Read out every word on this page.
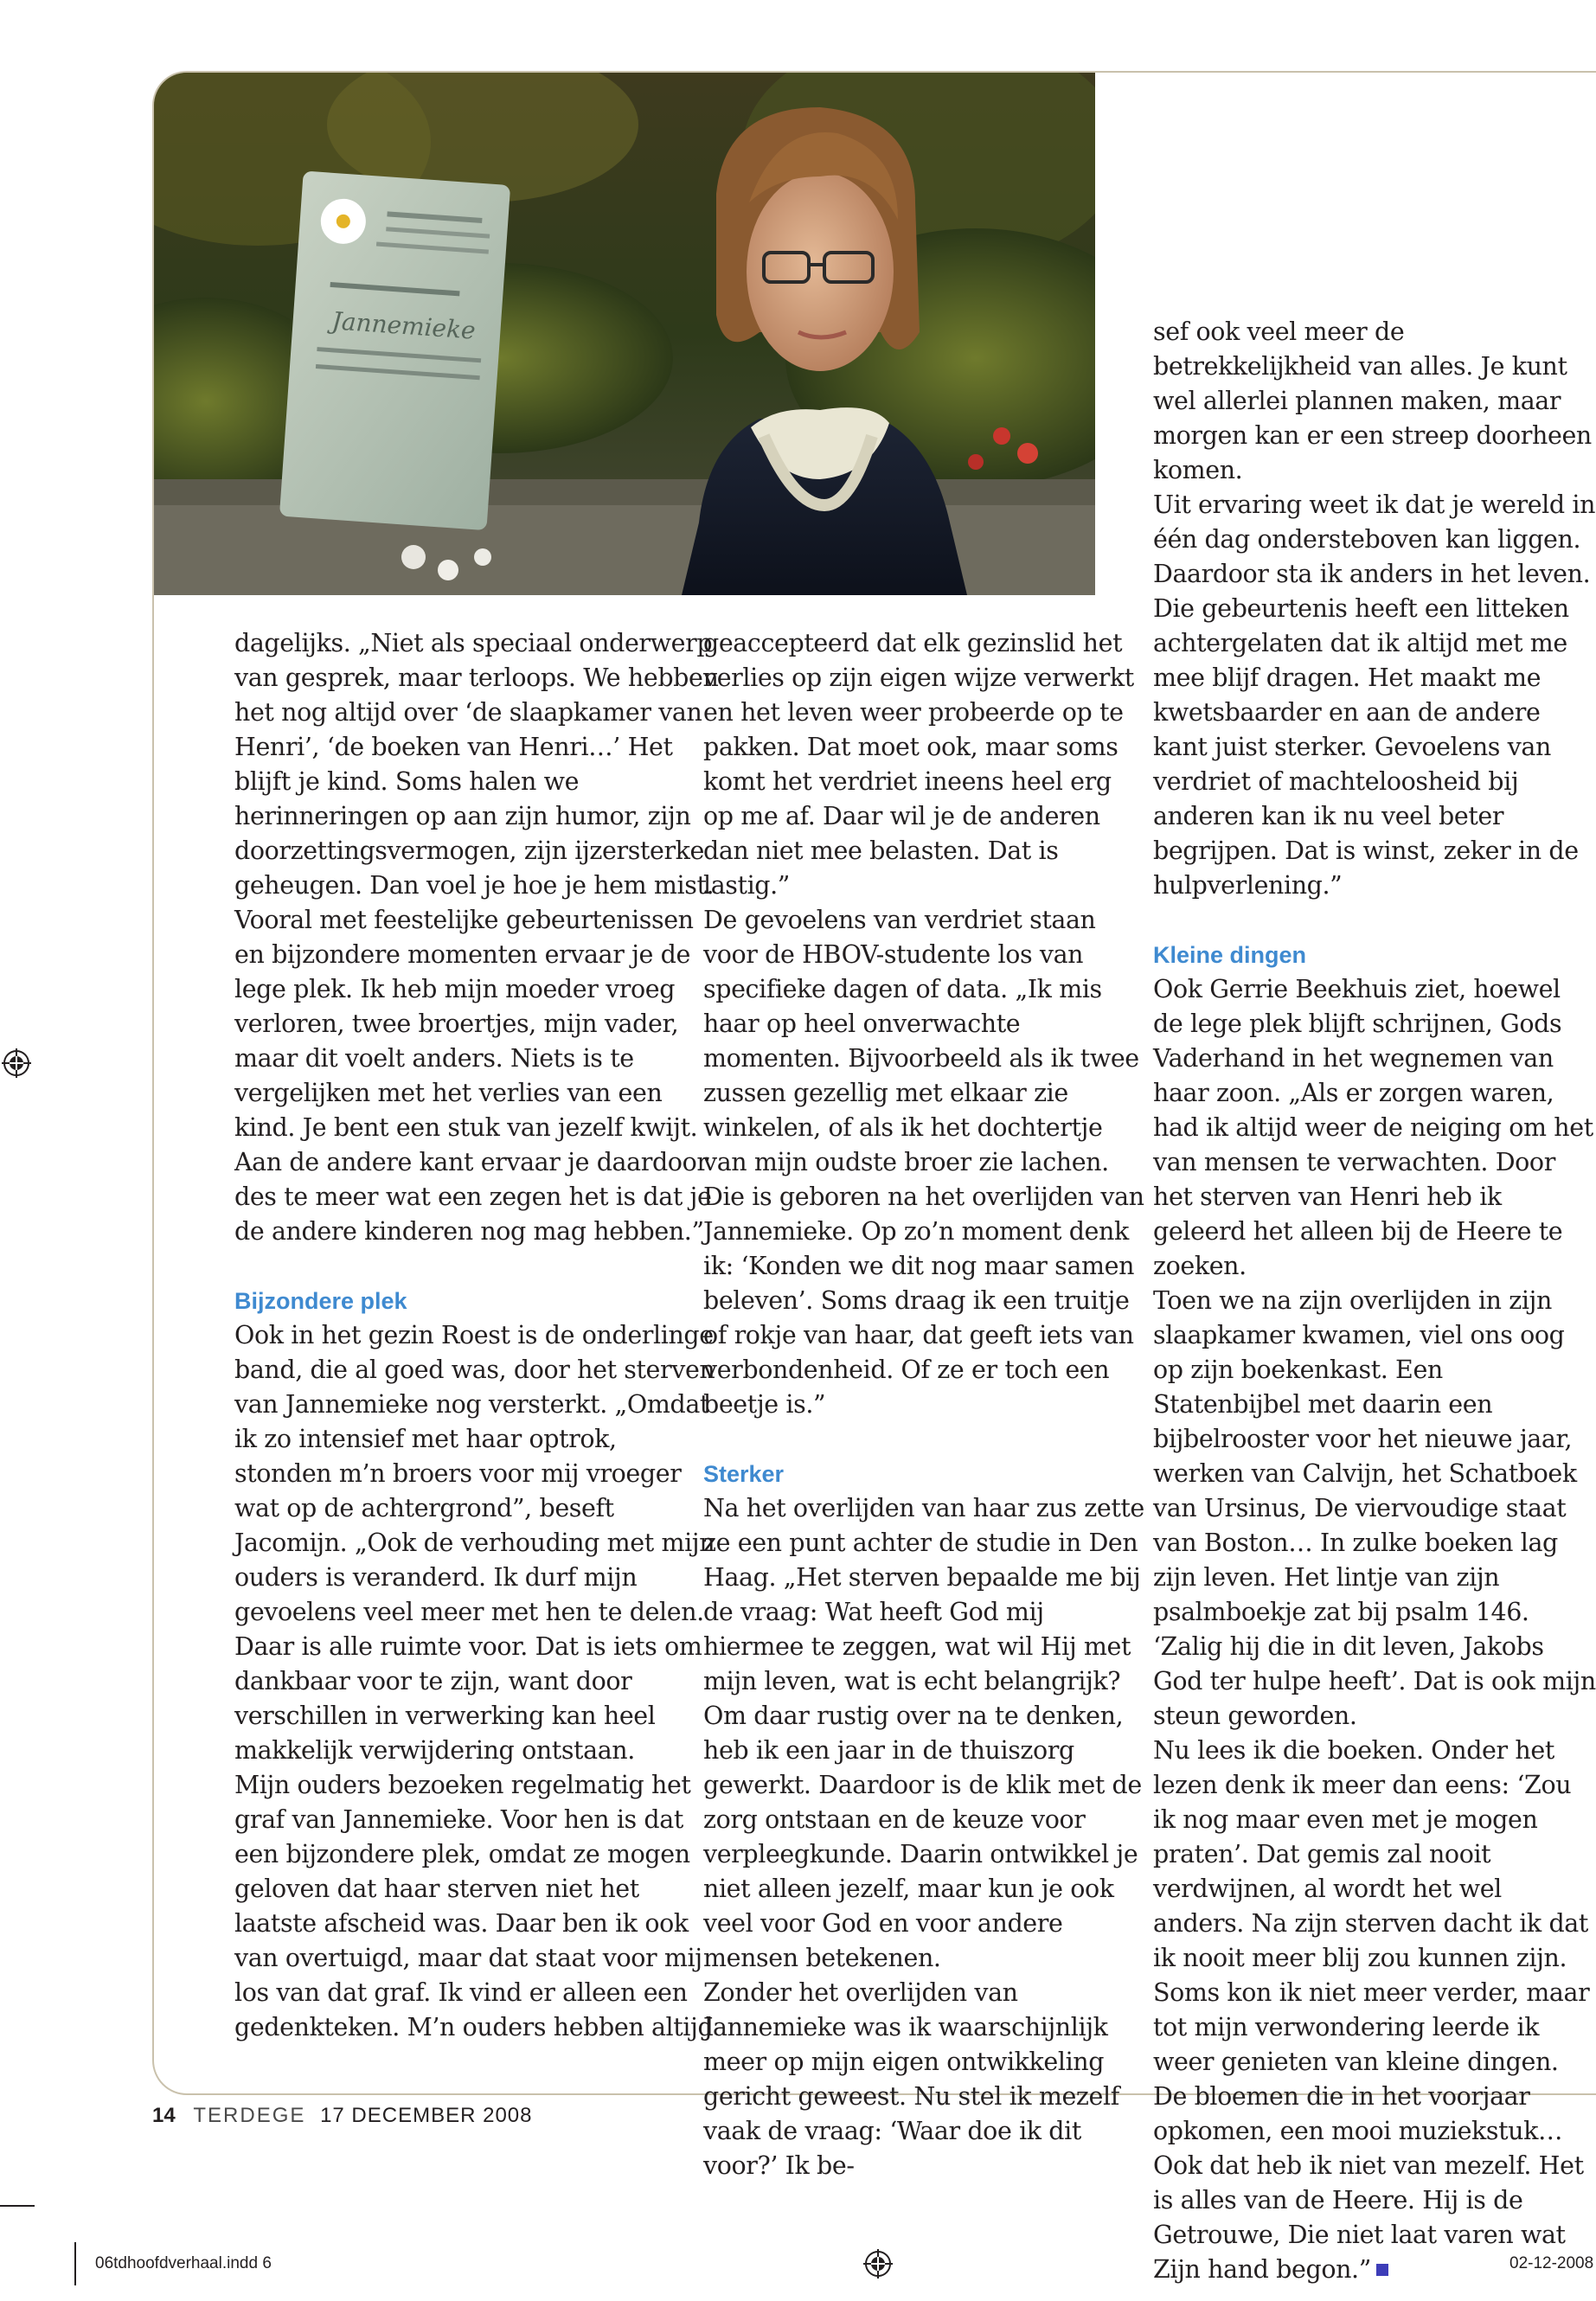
Jannemieke

dagelijks. „Niet als speciaal onderwerp van gesprek, maar terloops. We hebben het nog altijd over ‘de slaapkamer van Henri’, ‘de boeken van Henri…’ Het blijft je kind. Soms halen we herinneringen op aan zijn humor, zijn doorzettingsvermogen, zijn ijzersterke geheugen. Dan voel je hoe je hem mist. Vooral met feestelijke gebeurtenissen en bijzondere momenten ervaar je de lege plek. Ik heb mijn moeder vroeg verloren, twee broertjes, mijn vader, maar dit voelt anders. Niets is te vergelijken met het verlies van een kind. Je bent een stuk van jezelf kwijt. Aan de andere kant ervaar je daardoor des te meer wat een zegen het is dat je de andere kinderen nog mag hebben.”

Bijzondere plek

Ook in het gezin Roest is de onderlinge band, die al goed was, door het sterven van Jannemieke nog versterkt. „Omdat ik zo intensief met haar optrok, stonden m’n broers voor mij vroeger wat op de achtergrond”, beseft Jacomijn. „Ook de verhouding met mijn ouders is veranderd. Ik durf mijn gevoelens veel meer met hen te delen. Daar is alle ruimte voor. Dat is iets om dankbaar voor te zijn, want door verschillen in verwerking kan heel makkelijk verwijdering ontstaan.

Mijn ouders bezoeken regelmatig het graf van Jannemieke. Voor hen is dat een bijzondere plek, omdat ze mogen geloven dat haar sterven niet het laatste afscheid was. Daar ben ik ook van overtuigd, maar dat staat voor mij los van dat graf. Ik vind er alleen een gedenkteken. M’n ouders hebben altijd

geaccepteerd dat elk gezinslid het verlies op zijn eigen wijze verwerkt en het leven weer probeerde op te pakken. Dat moet ook, maar soms komt het verdriet ineens heel erg op me af. Daar wil je de anderen dan niet mee belasten. Dat is lastig.”

De gevoelens van verdriet staan voor de HBOV-studente los van specifieke dagen of data. „Ik mis haar op heel onverwachte momenten. Bijvoorbeeld als ik twee zussen gezellig met elkaar zie winkelen, of als ik het dochtertje van mijn oudste broer zie lachen. Die is geboren na het overlijden van Jannemieke. Op zo’n moment denk ik: ‘Konden we dit nog maar samen beleven’. Soms draag ik een truitje of rokje van haar, dat geeft iets van verbondenheid. Of ze er toch een beetje is.”

Sterker

Na het overlijden van haar zus zette ze een punt achter de studie in Den Haag. „Het sterven bepaalde me bij de vraag: Wat heeft God mij hiermee te zeggen, wat wil Hij met mijn leven, wat is echt belangrijk? Om daar rustig over na te denken, heb ik een jaar in de thuiszorg gewerkt. Daardoor is de klik met de zorg ontstaan en de keuze voor verpleegkunde. Daarin ontwikkel je niet alleen jezelf, maar kun je ook veel voor God en voor andere mensen betekenen.

Zonder het overlijden van Jannemieke was ik waarschijnlijk meer op mijn eigen ontwikkeling gericht geweest. Nu stel ik mezelf vaak de vraag: ‘Waar doe ik dit voor?’ Ik be-

sef ook veel meer de betrekkelijkheid van alles. Je kunt wel allerlei plannen maken, maar morgen kan er een streep doorheen komen.

Uit ervaring weet ik dat je wereld in één dag ondersteboven kan liggen. Daardoor sta ik anders in het leven. Die gebeurtenis heeft een litteken achtergelaten dat ik altijd met me mee blijf dragen. Het maakt me kwetsbaarder en aan de andere kant juist sterker. Gevoelens van verdriet of machteloosheid bij anderen kan ik nu veel beter begrijpen. Dat is winst, zeker in de hulpverlening.”

Kleine dingen

Ook Gerrie Beekhuis ziet, hoewel de lege plek blijft schrijnen, Gods Vaderhand in het wegnemen van haar zoon. „Als er zorgen waren, had ik altijd weer de neiging om het van mensen te verwachten. Door het sterven van Henri heb ik geleerd het alleen bij de Heere te zoeken.

Toen we na zijn overlijden in zijn slaapkamer kwamen, viel ons oog op zijn boekenkast. Een Statenbijbel met daarin een bijbelrooster voor het nieuwe jaar, werken van Calvijn, het Schatboek van Ursinus, De viervoudige staat van Boston… In zulke boeken lag zijn leven. Het lintje van zijn psalmboekje zat bij psalm 146. ‘Zalig hij die in dit leven, Jakobs God ter hulpe heeft’. Dat is ook mijn steun geworden.

Nu lees ik die boeken. Onder het lezen denk ik meer dan eens: ‘Zou ik nog maar even met je mogen praten’. Dat gemis zal nooit verdwijnen, al wordt het wel anders. Na zijn sterven dacht ik dat ik nooit meer blij zou kunnen zijn. Soms kon ik niet meer verder, maar tot mijn verwondering leerde ik weer genieten van kleine dingen. De bloemen die in het voorjaar opkomen, een mooi muziekstuk… Ook dat heb ik niet van mezelf. Het is alles van de Heere. Hij is de Getrouwe, Die niet laat varen wat Zijn hand begon.”

14 TERDEGE 17 DECEMBER 2008
06tdhoofdverhaal.indd 6	02-12-2008
